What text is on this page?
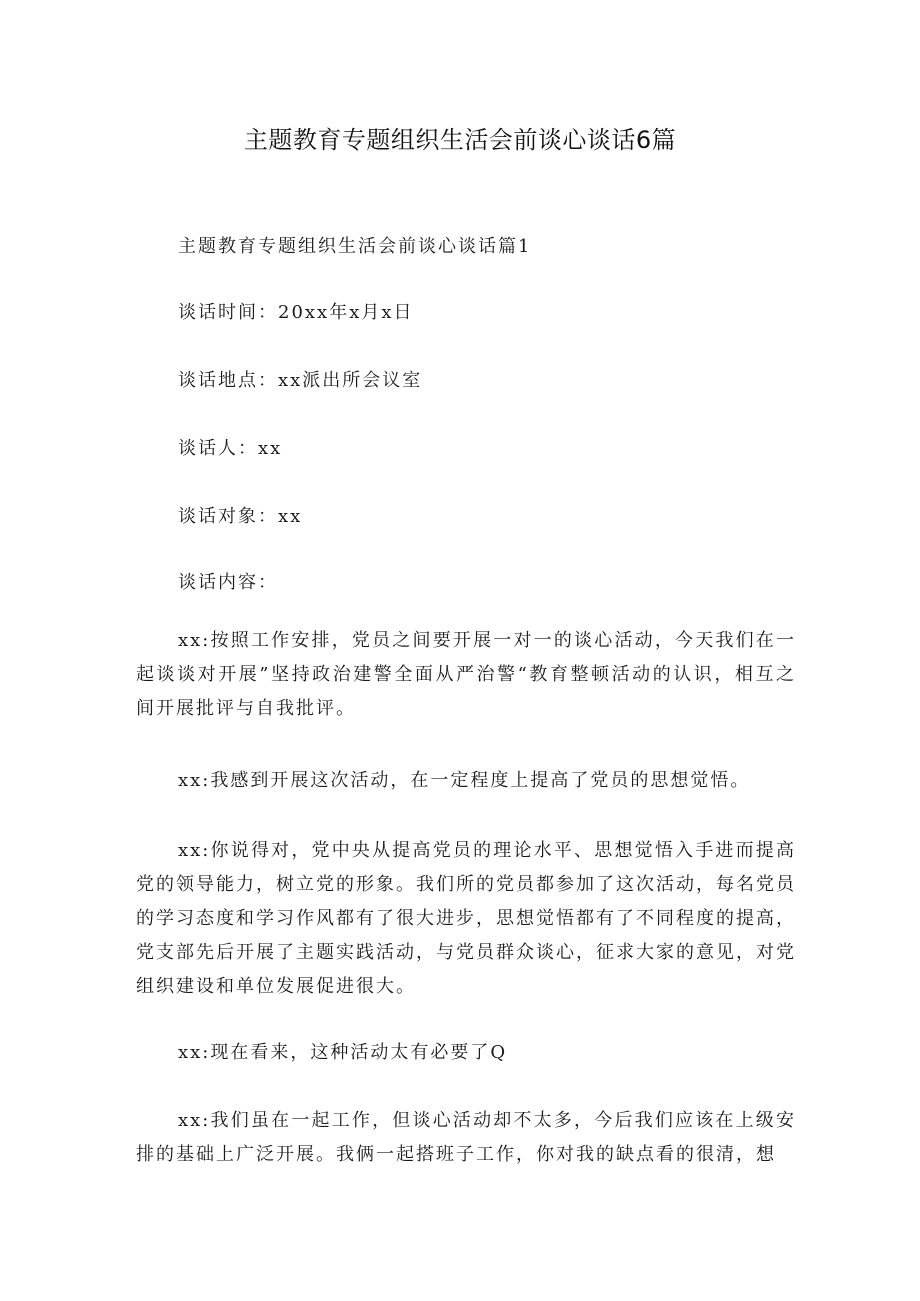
主题教育专题组织生活会前谈心谈话6篇
主题教育专题组织生活会前谈心谈话篇1
谈话时间：20xx年x月x日
谈话地点：xx派出所会议室
谈话人：xx
谈话对象：xx
谈话内容：
xx:按照工作安排，党员之间要开展一对一的谈心活动，今天我们在一起谈谈对开展”坚持政治建警全面从严治警“教育整顿活动的认识，相互之间开展批评与自我批评。
xx:我感到开展这次活动，在一定程度上提高了党员的思想觉悟。
xx:你说得对，党中央从提高党员的理论水平、思想觉悟入手进而提高党的领导能力，树立党的形象。我们所的党员都参加了这次活动，每名党员的学习态度和学习作风都有了很大进步，思想觉悟都有了不同程度的提高，党支部先后开展了主题实践活动，与党员群众谈心，征求大家的意见，对党组织建设和单位发展促进很大。
xx:现在看来，这种活动太有必要了Q
xx:我们虽在一起工作，但谈心活动却不太多，今后我们应该在上级安排的基础上广泛开展。我俩一起搭班子工作，你对我的缺点看的很清，想
